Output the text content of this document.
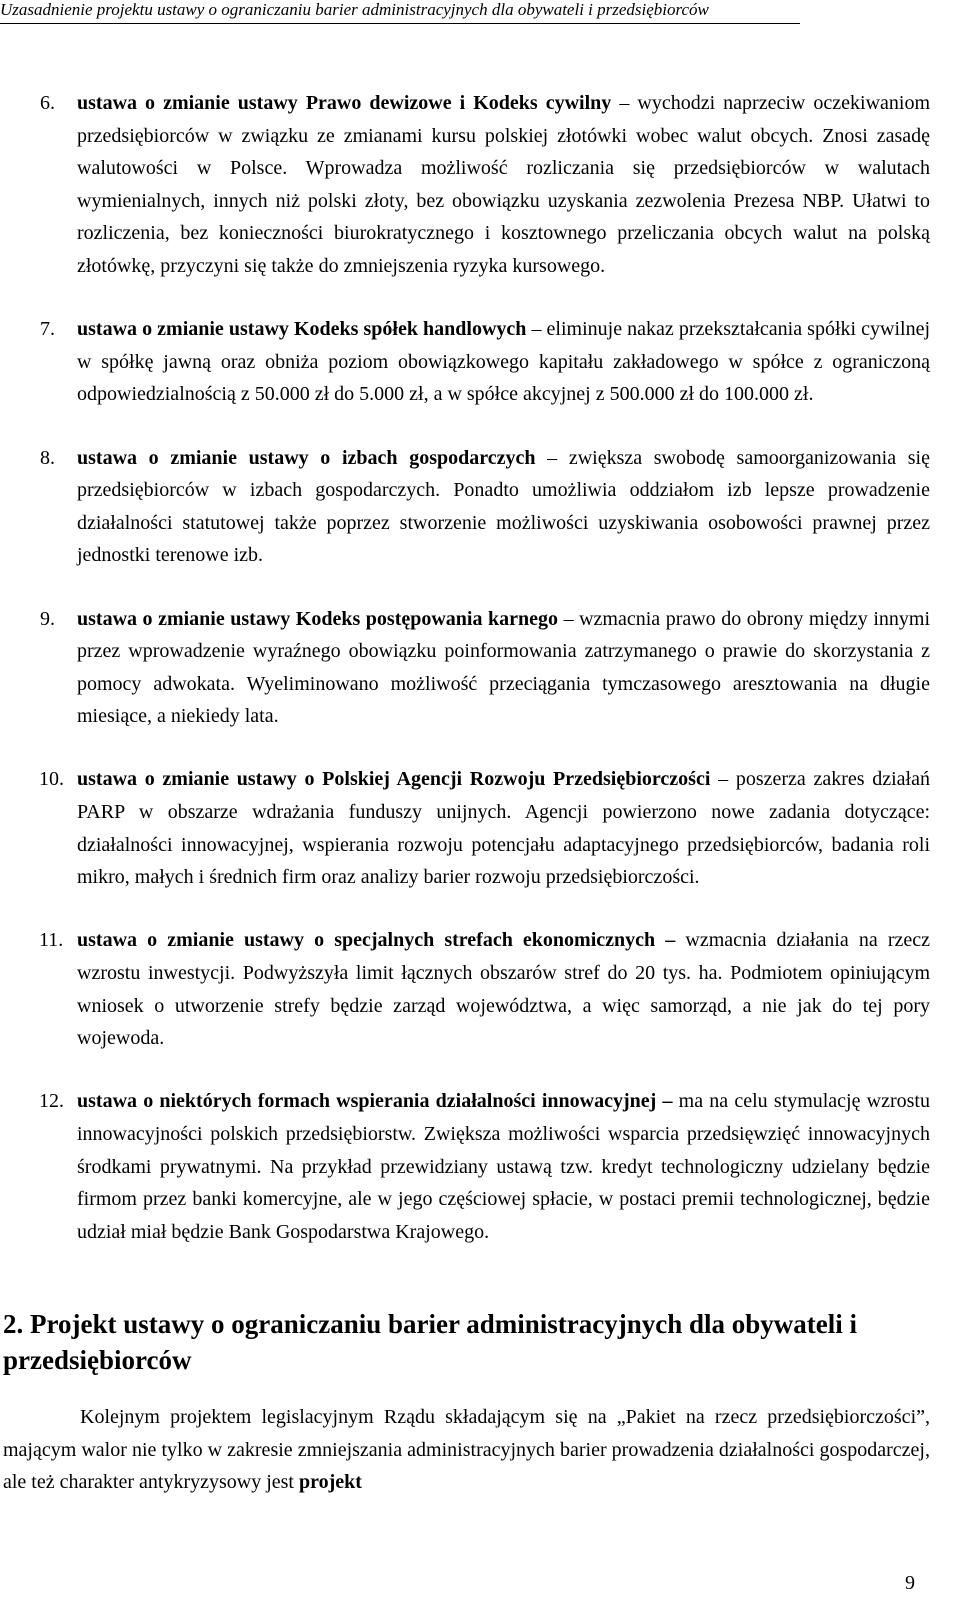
Uzasadnienie projektu ustawy o ograniczaniu barier administracyjnych dla obywateli i przedsiębiorców
6. ustawa o zmianie ustawy Prawo dewizowe i Kodeks cywilny – wychodzi naprzeciw oczekiwaniom przedsiębiorców w związku ze zmianami kursu polskiej złotówki wobec walut obcych. Znosi zasadę walutowości w Polsce. Wprowadza możliwość rozliczania się przedsiębiorców w walutach wymienialnych, innych niż polski złoty, bez obowiązku uzyskania zezwolenia Prezesa NBP. Ułatwi to rozliczenia, bez konieczności biurokratycznego i kosztownego przeliczania obcych walut na polską złotówkę, przyczyni się także do zmniejszenia ryzyka kursowego.
7. ustawa o zmianie ustawy Kodeks spółek handlowych – eliminuje nakaz przekształcania spółki cywilnej w spółkę jawną oraz obniża poziom obowiązkowego kapitału zakładowego w spółce z ograniczoną odpowiedzialnością z 50.000 zł do 5.000 zł, a w spółce akcyjnej z 500.000 zł do 100.000 zł.
8. ustawa o zmianie ustawy o izbach gospodarczych – zwiększa swobodę samoorganizowania się przedsiębiorców w izbach gospodarczych. Ponadto umożliwia oddziałom izb lepsze prowadzenie działalności statutowej także poprzez stworzenie możliwości uzyskiwania osobowości prawnej przez jednostki terenowe izb.
9. ustawa o zmianie ustawy Kodeks postępowania karnego – wzmacnia prawo do obrony między innymi przez wprowadzenie wyraźnego obowiązku poinformowania zatrzymanego o prawie do skorzystania z pomocy adwokata. Wyeliminowano możliwość przeciągania tymczasowego aresztowania na długie miesiące, a niekiedy lata.
10. ustawa o zmianie ustawy o Polskiej Agencji Rozwoju Przedsiębiorczości – poszerza zakres działań PARP w obszarze wdrażania funduszy unijnych. Agencji powierzono nowe zadania dotyczące: działalności innowacyjnej, wspierania rozwoju potencjału adaptacyjnego przedsiębiorców, badania roli mikro, małych i średnich firm oraz analizy barier rozwoju przedsiębiorczości.
11. ustawa o zmianie ustawy o specjalnych strefach ekonomicznych – wzmacnia działania na rzecz wzrostu inwestycji. Podwyższyła limit łącznych obszarów stref do 20 tys. ha. Podmiotem opiniującym wniosek o utworzenie strefy będzie zarząd województwa, a więc samorząd, a nie jak do tej pory wojewoda.
12. ustawa o niektórych formach wspierania działalności innowacyjnej – ma na celu stymulację wzrostu innowacyjności polskich przedsiębiorstw. Zwiększa możliwości wsparcia przedsięwzięć innowacyjnych środkami prywatnymi. Na przykład przewidziany ustawą tzw. kredyt technologiczny udzielany będzie firmom przez banki komercyjne, ale w jego częściowej spłacie, w postaci premii technologicznej, będzie udział miał będzie Bank Gospodarstwa Krajowego.
2. Projekt ustawy o ograniczaniu barier administracyjnych dla obywateli i przedsiębiorców

Kolejnym projektem legislacyjnym Rządu składającym się na „Pakiet na rzecz przedsiębiorczości”, mającym walor nie tylko w zakresie zmniejszania administracyjnych barier prowadzenia działalności gospodarczej, ale też charakter antykryzysowy jest projekt

9
